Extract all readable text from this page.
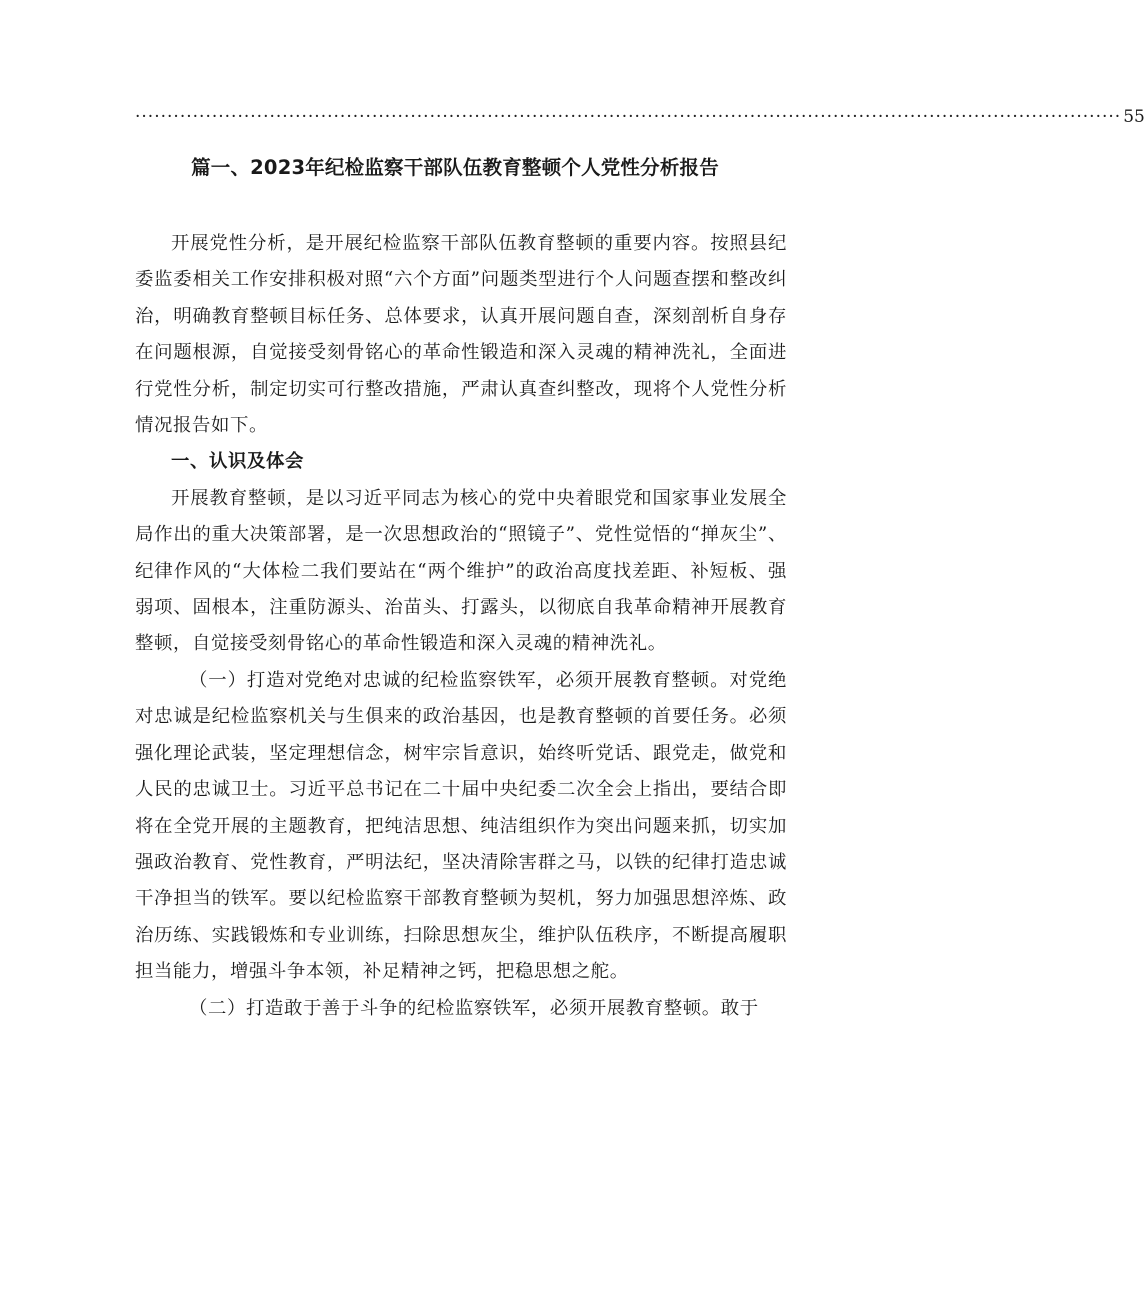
·························································································································································· 55
篇一、2023年纪检监察干部队伍教育整顿个人党性分析报告

开展党性分析，是开展纪检监察干部队伍教育整顿的重要内容。按照县纪委监委相关工作安排积极对照“六个方面”问题类型进行个人问题查摆和整改纠治，明确教育整顿目标任务、总体要求，认真开展问题自查，深刻剖析自身存在问题根源，自觉接受刻骨铭心的革命性锻造和深入灵魂的精神洗礼，全面进行党性分析，制定切实可行整改措施，严肃认真查纠整改，现将个人党性分析情况报告如下。

一、认识及体会

开展教育整顿，是以习近平同志为核心的党中央着眼党和国家事业发展全局作出的重大决策部署，是一次思想政治的“照镜子”、党性觉悟的“掸灰尘”、纪律作风的“大体检二我们要站在“两个维护”的政治高度找差距、补短板、强弱项、固根本，注重防源头、治苗头、打露头，以彻底自我革命精神开展教育整顿，自觉接受刻骨铭心的革命性锻造和深入灵魂的精神洗礼。

（一）打造对党绝对忠诚的纪检监察铁军，必须开展教育整顿。对党绝对忠诚是纪检监察机关与生俱来的政治基因，也是教育整顿的首要任务。必须强化理论武装，坚定理想信念，树牢宗旨意识，始终听党话、跟党走，做党和人民的忠诚卫士。习近平总书记在二十届中央纪委二次全会上指出，要结合即将在全党开展的主题教育，把纯洁思想、纯洁组织作为突出问题来抓，切实加强政治教育、党性教育，严明法纪，坚决清除害群之马，以铁的纪律打造忠诚干净担当的铁军。要以纪检监察干部教育整顿为契机，努力加强思想淬炼、政治历练、实践锻炼和专业训练，扫除思想灰尘，维护队伍秩序，不断提高履职担当能力，增强斗争本领，补足精神之钙，把稳思想之舵。

（二）打造敢于善于斗争的纪检监察铁军，必须开展教育整顿。敢于
